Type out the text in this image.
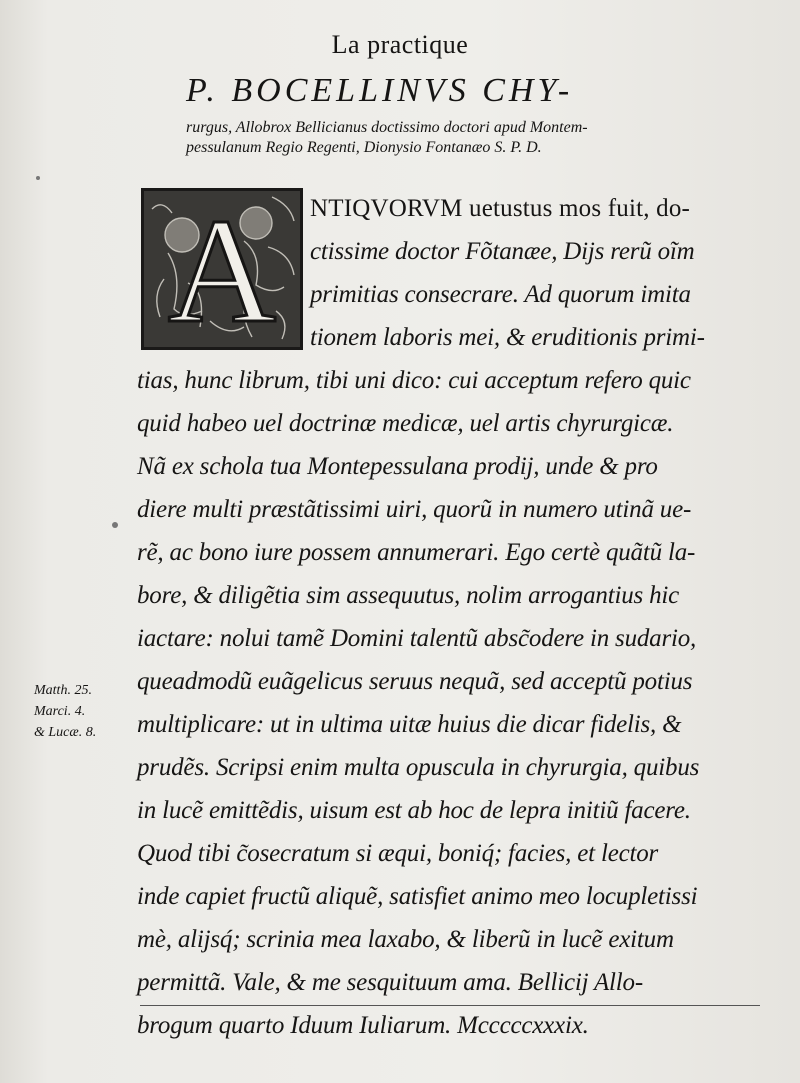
La practique
P. BOCELLINVS CHY-
rurgus, Allobrox Bellicianus doctissimo doctori apud Montem-
pessulanum Regio Regenti, Dionysio Fontanæo S. P. D.
A	NTIQVORVM uetustus mos fuit, do-
ctissime doctor Fõtanæe, Dijs rerũ oĩm
primitias consecrare. Ad quorum imita
tionem laboris mei, & eruditionis primi-
tias, hunc librum, tibi uni dico: cui acceptum refero quic
quid habeo uel doctrinæ medicæ, uel artis chyrurgicæ.
Nã ex schola tua Montepessulana prodij, unde & pro
diere multi præstãtissimi uiri, quorũ in numero utinã ue-
rẽ, ac bono iure possem annumerari. Ego certè quãtũ la-
bore, & diligẽtia sim assequutus, nolim arrogantius hic
iactare: nolui tamẽ Domini talentũ absc̃odere in sudario,
queadmodũ euãgelicus seruus nequã, sed acceptũ potius
multiplicare: ut in ultima uitæ huius die dicar fidelis, &
prudẽs. Scripsi enim multa opuscula in chyrurgia, quibus
in lucẽ emittẽdis, uisum est ab hoc de lepra initiũ facere.
Quod tibi c̃osecratum si æqui, boniq́; facies, et lector
inde capiet fructũ aliquẽ, satisfiet animo meo locupletissi
mè, alijsq́; scrinia mea laxabo, & liberũ in lucẽ exitum
permittã. Vale, & me sesquituum ama. Bellicij Allo-
brogum quarto Iduum Iuliarum. Mcccccxxxix.
Matth. 25.
Marci. 4.
& Lucæ. 8.
